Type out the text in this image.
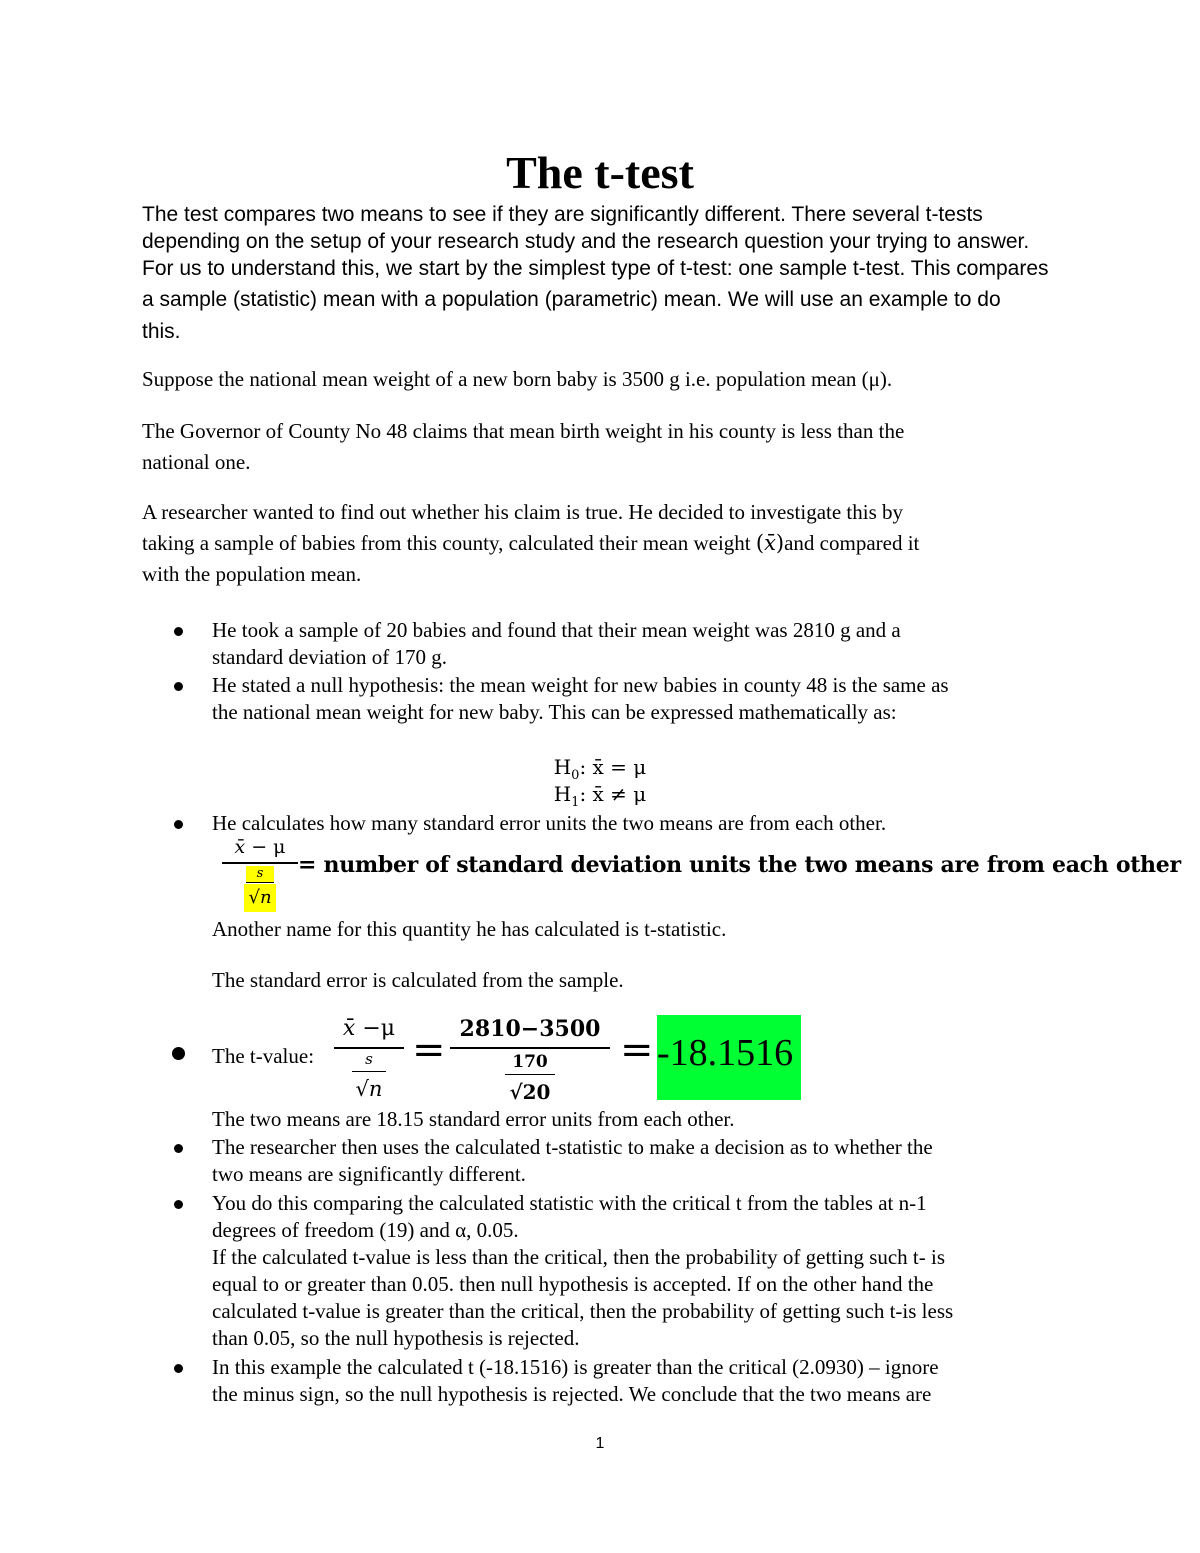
The t-test
The test compares two means to see if they are significantly different. There several t-tests
depending on the setup of your research study and the research question your trying to answer.
For us to understand this, we start by the simplest type of t-test: one sample t-test. This compares
a sample (statistic) mean with a population (parametric) mean. We will use an example to do
this.

Suppose the national mean weight of a new born baby is 3500 g i.e. population mean (μ).

The Governor of County No 48 claims that mean birth weight in his county is less than the
national one.

A researcher wanted to find out whether his claim is true. He decided to investigate this by
taking a sample of babies from this county, calculated their mean weight (𝑥̄)and compared it
with the population mean.

He took a sample of 20 babies and found that their mean weight was 2810 g and a
standard deviation of 170 g.
He stated a null hypothesis: the mean weight for new babies in county 48 is the same as
the national mean weight for new baby. This can be expressed mathematically as:
$H_0$: x̄ = μ
$H_1$: x̄ ≠ μ
He calculates how many standard error units the two means are from each other.
𝑥̄ − μ
𝑠
√𝑛
= number of standard deviation units the two means are from each other
Another name for this quantity he has calculated is t-statistic.
The standard error is calculated from the sample.
The t-value:
𝑥̄ −μ
𝑠
√𝑛
= 2810−3500
170
√20
= -18.1516
The two means are 18.15 standard error units from each other.
The researcher then uses the calculated t-statistic to make a decision as to whether the
two means are significantly different.
You do this comparing the calculated statistic with the critical t from the tables at n-1
degrees of freedom (19) and α, 0.05.
If the calculated t-value is less than the critical, then the probability of getting such t- is
equal to or greater than 0.05. then null hypothesis is accepted. If on the other hand the
calculated t-value is greater than the critical, then the probability of getting such t-is less
than 0.05, so the null hypothesis is rejected.
In this example the calculated t (-18.1516) is greater than the critical (2.0930) – ignore
the minus sign, so the null hypothesis is rejected. We conclude that the two means are
1
